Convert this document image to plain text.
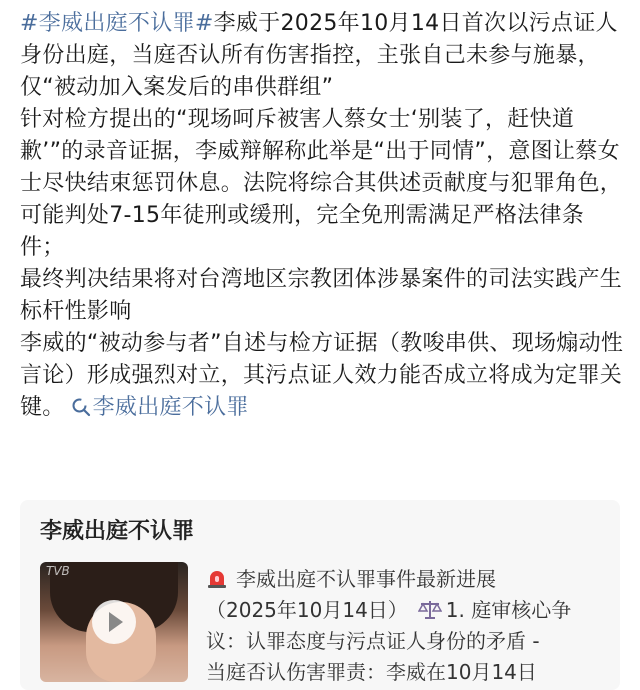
#李威出庭不认罪#李威于2025年10月14日首次以污点证人身份出庭，当庭否认所有伤害指控，主张自己未参与施暴，仅“被动加入案发后的串供群组”

针对检方提出的“现场呵斥被害人蔡女士‘别装了，赶快道歉’”的录音证据，李威辩解称此举是“出于同情”，意图让蔡女士尽快结束惩罚休息。法院将综合其供述贡献度与犯罪角色，可能判处7-15年徒刑或缓刑，完全免刑需满足严格法律条件；

最终判决结果将对台湾地区宗教团体涉暴案件的司法实践产生标杆性影响

李威的“被动参与者”自述与检方证据（教唆串供、现场煽动性言论）形成强烈对立，其污点证人效力能否成立将成为定罪关键。 李威出庭不认罪

李威出庭不认罪
TVB	李威出庭不认罪事件最新进展
（2025年10月14日） 1. 庭审核心争
议：认罪态度与污点证人身份的矛盾 -
当庭否认伤害罪责：李威在10月14日
